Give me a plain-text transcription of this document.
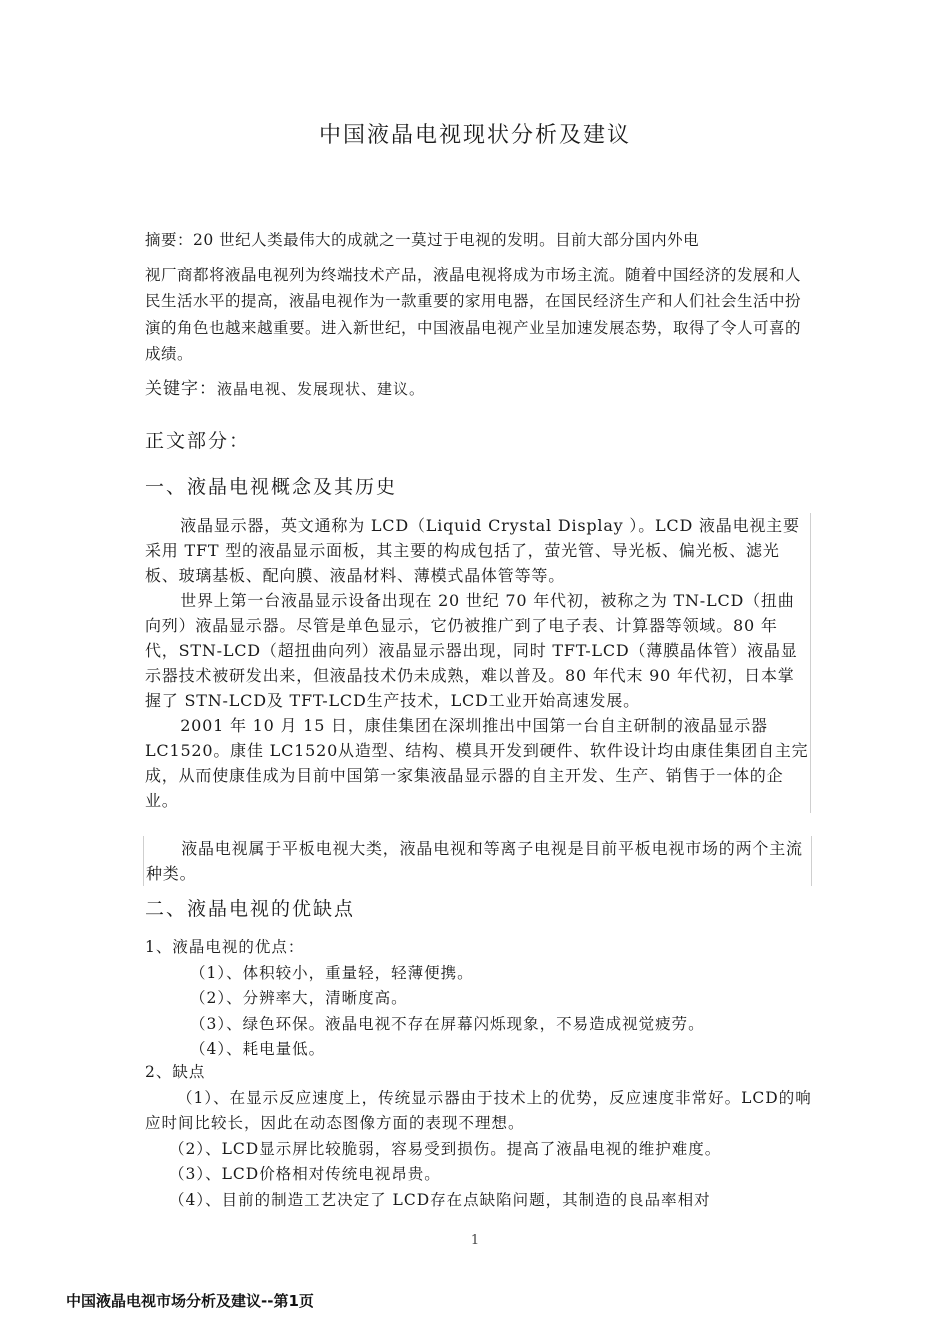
中国液晶电视现状分析及建议

摘要：20 世纪人类最伟大的成就之一莫过于电视的发明。目前大部分国内外电

视厂商都将液晶电视列为终端技术产品，液晶电视将成为市场主流。随着中国经济的发展和人民生活水平的提高，液晶电视作为一款重要的家用电器，在国民经济生产和人们社会生活中扮演的角色也越来越重要。进入新世纪，中国液晶电视产业呈加速发展态势，取得了令人可喜的成绩。

关键字：液晶电视、发展现状、建议。
正文部分：
一、液晶电视概念及其历史

液晶显示器，英文通称为 LCD（Liquid Crystal Display ）。LCD 液晶电视主要采用 TFT 型的液晶显示面板，其主要的构成包括了，萤光管、导光板、偏光板、滤光板、玻璃基板、配向膜、液晶材料、薄模式晶体管等等。

世界上第一台液晶显示设备出现在 20 世纪 70 年代初，被称之为 TN-LCD（扭曲向列）液晶显示器。尽管是单色显示，它仍被推广到了电子表、计算器等领域。80 年代，STN-LCD（超扭曲向列）液晶显示器出现，同时 TFT-LCD（薄膜晶体管）液晶显示器技术被研发出来，但液晶技术仍未成熟，难以普及。80 年代末 90 年代初，日本掌握了 STN-LCD及 TFT-LCD生产技术，LCD工业开始高速发展。

2001 年 10 月 15 日，康佳集团在深圳推出中国第一台自主研制的液晶显示器 LC1520。康佳 LC1520从造型、结构、模具开发到硬件、软件设计均由康佳集团自主完成，从而使康佳成为目前中国第一家集液晶显示器的自主开发、生产、销售于一体的企业。

液晶电视属于平板电视大类，液晶电视和等离子电视是目前平板电视市场的两个主流种类。

二、液晶电视的优缺点

1、液晶电视的优点：

（1）、体积较小，重量轻，轻薄便携。

（2）、分辨率大，清晰度高。

（3）、绿色环保。液晶电视不存在屏幕闪烁现象，不易造成视觉疲劳。

（4）、耗电量低。

2、缺点

（1）、在显示反应速度上，传统显示器由于技术上的优势，反应速度非常好。LCD的响应时间比较长，因此在动态图像方面的表现不理想。

（2）、LCD显示屏比较脆弱，容易受到损伤。提高了液晶电视的维护难度。

（3）、LCD价格相对传统电视昂贵。

（4）、目前的制造工艺决定了 LCD存在点缺陷问题，其制造的良品率相对

1
中国液晶电视市场分析及建议--第1页
